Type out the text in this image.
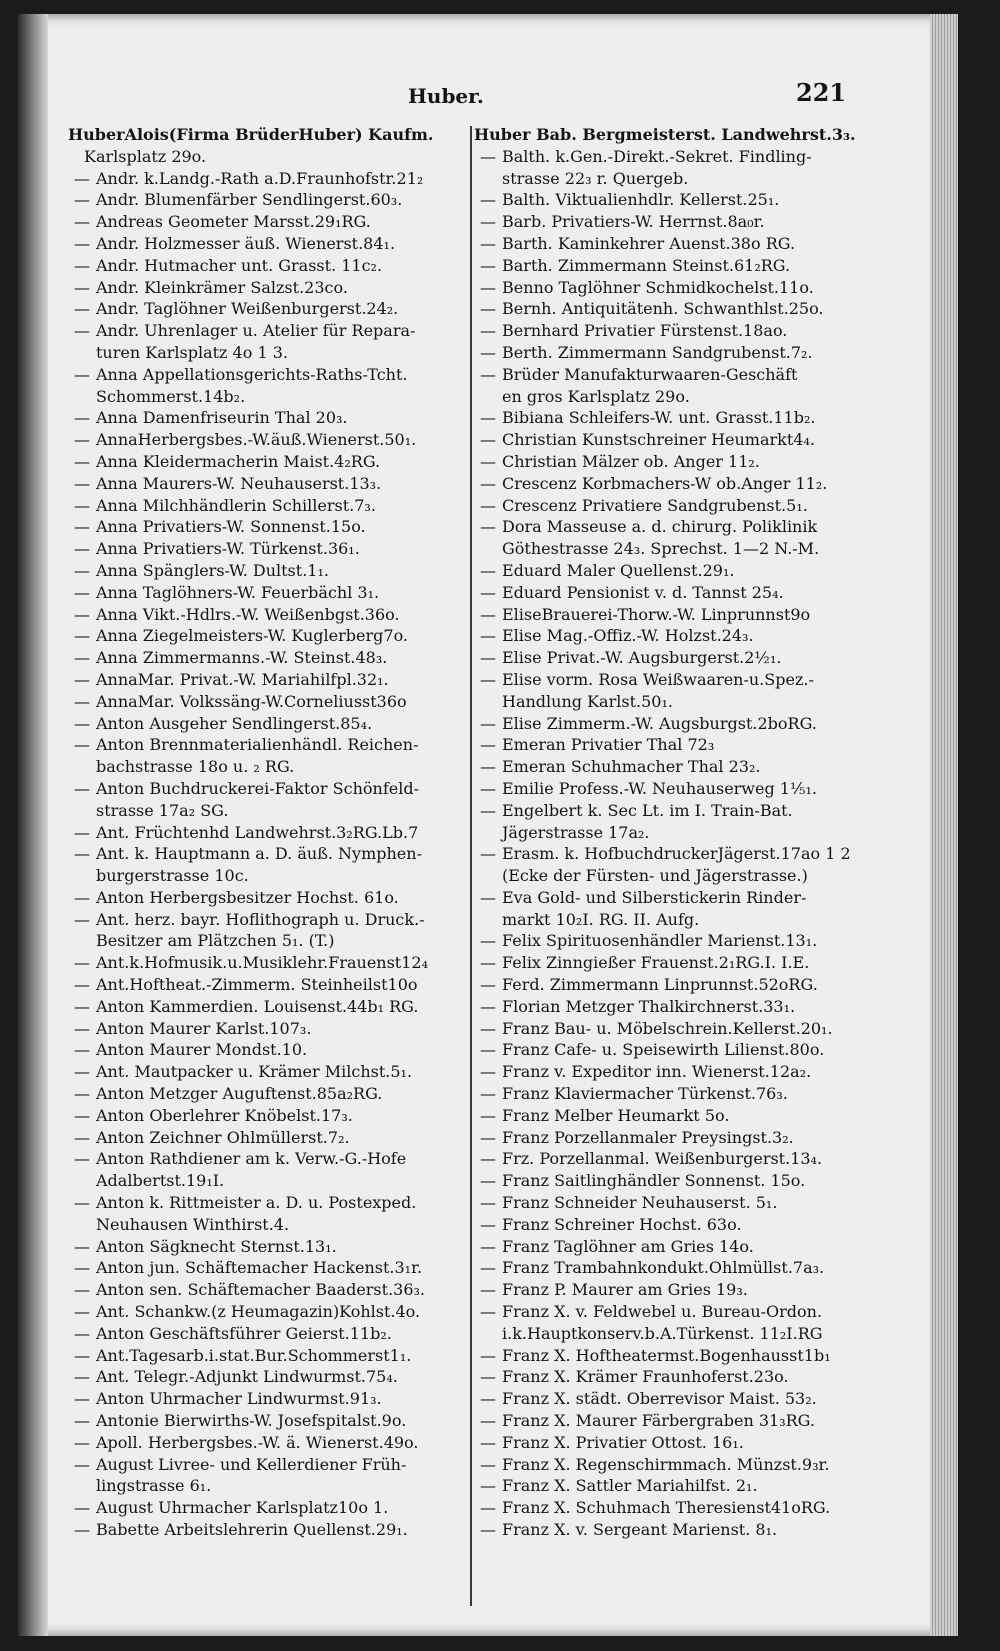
Huber.	221
HuberAlois(Firma BrüderHuber) Kaufm.
Karlsplatz 29o.
— Andr. k.Landg.-Rath a.D.Fraunhofstr.21₂
— Andr. Blumenfärber Sendlingerst.60₃.
— Andreas Geometer Marsst.29₁RG.
— Andr. Holzmesser äuß. Wienerst.84₁.
— Andr. Hutmacher unt. Grasst. 11c₂.
— Andr. Kleinkrämer Salzst.23co.
— Andr. Taglöhner Weißenburgerst.24₂.
— Andr. Uhrenlager u. Atelier für Repara-
turen Karlsplatz 4o 1 3.
— Anna Appellationsgerichts-Raths-Tcht.
Schommerst.14b₂.
— Anna Damenfriseurin Thal 20₃.
— AnnaHerbergsbes.-W.äuß.Wienerst.50₁.
— Anna Kleidermacherin Maist.4₂RG.
— Anna Maurers-W. Neuhauserst.13₃.
— Anna Milchhändlerin Schillerst.7₃.
— Anna Privatiers-W. Sonnenst.15o.
— Anna Privatiers-W. Türkenst.36₁.
— Anna Spänglers-W. Dultst.1₁.
— Anna Taglöhners-W. Feuerbächl 3₁.
— Anna Vikt.-Hdlrs.-W. Weißenbgst.36o.
— Anna Ziegelmeisters-W. Kuglerberg7o.
— Anna Zimmermanns.-W. Steinst.48₃.
— AnnaMar. Privat.-W. Mariahilfpl.32₁.
— AnnaMar. Volkssäng-W.Corneliusst36o
— Anton Ausgeher Sendlingerst.85₄.
— Anton Brennmaterialienhändl. Reichen-
bachstrasse 18o u. ₂ RG.
— Anton Buchdruckerei-Faktor Schönfeld-
strasse 17a₂ SG.
— Ant. Früchtenhd Landwehrst.3₂RG.Lb.7
— Ant. k. Hauptmann a. D. äuß. Nymphen-
burgerstrasse 10c.
— Anton Herbergsbesitzer Hochst. 61o.
— Ant. herz. bayr. Hoflithograph u. Druck.-
Besitzer am Plätzchen 5₁. (T.)
— Ant.k.Hofmusik.u.Musiklehr.Frauenst12₄
— Ant.Hoftheat.-Zimmerm. Steinheilst10o
— Anton Kammerdien. Louisenst.44b₁ RG.
— Anton Maurer Karlst.107₃.
— Anton Maurer Mondst.10.
— Ant. Mautpacker u. Krämer Milchst.5₁.
— Anton Metzger Auguftenst.85a₂RG.
— Anton Oberlehrer Knöbelst.17₃.
— Anton Zeichner Ohlmüllerst.7₂.
— Anton Rathdiener am k. Verw.-G.-Hofe
Adalbertst.19₁I.
— Anton k. Rittmeister a. D. u. Postexped.
Neuhausen Winthirst.4.
— Anton Sägknecht Sternst.13₁.
— Anton jun. Schäftemacher Hackenst.3₁r.
— Anton sen. Schäftemacher Baaderst.36₃.
— Ant. Schankw.(z Heumagazin)Kohlst.4o.
— Anton Geschäftsführer Geierst.11b₂.
— Ant.Tagesarb.i.stat.Bur.Schommerst1₁.
— Ant. Telegr.-Adjunkt Lindwurmst.75₄.
— Anton Uhrmacher Lindwurmst.91₃.
— Antonie Bierwirths-W. Josefspitalst.9o.
— Apoll. Herbergsbes.-W. ä. Wienerst.49o.
— August Livree- und Kellerdiener Früh-
lingstrasse 6₁.
— August Uhrmacher Karlsplatz10o 1.
— Babette Arbeitslehrerin Quellenst.29₁.
Huber Bab. Bergmeisterst. Landwehrst.3₃.
— Balth. k.Gen.-Direkt.-Sekret. Findling-
strasse 22₃ r. Quergeb.
— Balth. Viktualienhdlr. Kellerst.25₁.
— Barb. Privatiers-W. Herrnst.8a₀r.
— Barth. Kaminkehrer Auenst.38o RG.
— Barth. Zimmermann Steinst.61₂RG.
— Benno Taglöhner Schmidkochelst.11o.
— Bernh. Antiquitätenh. Schwanthlst.25o.
— Bernhard Privatier Fürstenst.18ao.
— Berth. Zimmermann Sandgrubenst.7₂.
— Brüder Manufakturwaaren-Geschäft
en gros Karlsplatz 29o.
— Bibiana Schleifers-W. unt. Grasst.11b₂.
— Christian Kunstschreiner Heumarkt4₄.
— Christian Mälzer ob. Anger 11₂.
— Crescenz Korbmachers-W ob.Anger 11₂.
— Crescenz Privatiere Sandgrubenst.5₁.
— Dora Masseuse a. d. chirurg. Poliklinik
Göthestrasse 24₃. Sprechst. 1—2 N.-M.
— Eduard Maler Quellenst.29₁.
— Eduard Pensionist v. d. Tannst 25₄.
— EliseBrauerei-Thorw.-W. Linprunnst9o
— Elise Mag.-Offiz.-W. Holzst.24₃.
— Elise Privat.-W. Augsburgerst.2½₁.
— Elise vorm. Rosa Weißwaaren-u.Spez.-
Handlung Karlst.50₁.
— Elise Zimmerm.-W. Augsburgst.2boRG.
— Emeran Privatier Thal 72₃
— Emeran Schuhmacher Thal 23₂.
— Emilie Profess.-W. Neuhauserweg 1⅕₁.
— Engelbert k. Sec Lt. im I. Train-Bat.
Jägerstrasse 17a₂.
— Erasm. k. HofbuchdruckerJägerst.17ao 1 2
(Ecke der Fürsten- und Jägerstrasse.)
— Eva Gold- und Silberstickerin Rinder-
markt 10₂I. RG. II. Aufg.
— Felix Spirituosenhändler Marienst.13₁.
— Felix Zinngießer Frauenst.2₁RG.I. I.E.
— Ferd. Zimmermann Linprunnst.52oRG.
— Florian Metzger Thalkirchnerst.33₁.
— Franz Bau- u. Möbelschrein.Kellerst.20₁.
— Franz Cafe- u. Speisewirth Lilienst.80o.
— Franz v. Expeditor inn. Wienerst.12a₂.
— Franz Klaviermacher Türkenst.76₃.
— Franz Melber Heumarkt 5o.
— Franz Porzellanmaler Preysingst.3₂.
— Frz. Porzellanmal. Weißenburgerst.13₄.
— Franz Saitlinghändler Sonnenst. 15o.
— Franz Schneider Neuhauserst. 5₁.
— Franz Schreiner Hochst. 63o.
— Franz Taglöhner am Gries 14o.
— Franz Trambahnkondukt.Ohlmüllst.7a₃.
— Franz P. Maurer am Gries 19₃.
— Franz X. v. Feldwebel u. Bureau-Ordon.
i.k.Hauptkonserv.b.A.Türkenst. 11₂I.RG
— Franz X. Hoftheatermst.Bogenhausst1b₁
— Franz X. Krämer Fraunhoferst.23o.
— Franz X. städt. Oberrevisor Maist. 53₂.
— Franz X. Maurer Färbergraben 31₃RG.
— Franz X. Privatier Ottost. 16₁.
— Franz X. Regenschirmmach. Münzst.9₃r.
— Franz X. Sattler Mariahilfst. 2₁.
— Franz X. Schuhmach Theresienst41oRG.
— Franz X. v. Sergeant Marienst. 8₁.
